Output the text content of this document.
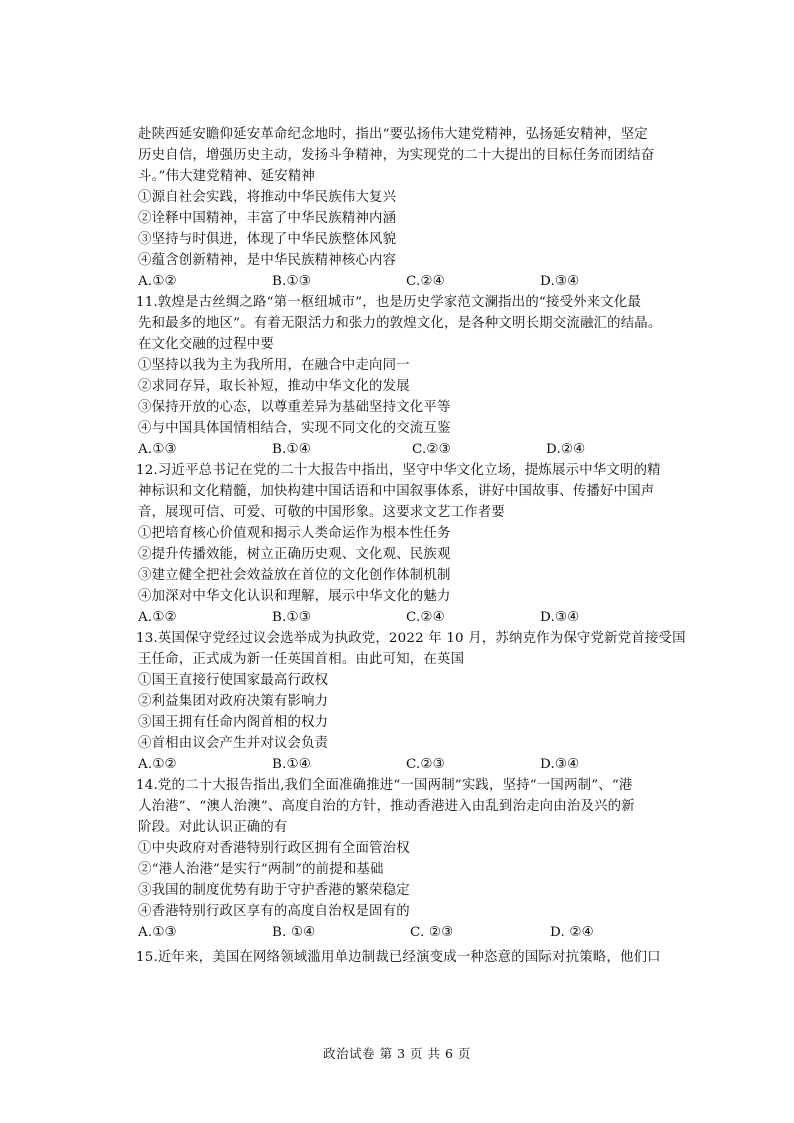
赴陕西延安瞻仰延安革命纪念地时，指出“要弘扬伟大建党精神，弘扬延安精神，坚定
历史自信，增强历史主动，发扬斗争精神，为实现党的二十大提出的目标任务而团结奋
斗。”伟大建党精神、延安精神
①源自社会实践，将推动中华民族伟大复兴
②诠释中国精神，丰富了中华民族精神内涵
③坚持与时俱进，体现了中华民族整体风貌
④蕴含创新精神，是中华民族精神核心内容
A.①②	B.①③	C.②④	D.③④
11.敦煌是古丝绸之路“第一枢纽城市”，也是历史学家范文澜指出的“接受外来文化最
先和最多的地区”。有着无限活力和张力的敦煌文化，是各种文明长期交流融汇的结晶。
在文化交融的过程中要
①坚持以我为主为我所用，在融合中走向同一
②求同存异，取长补短，推动中华文化的发展
③保持开放的心态，以尊重差异为基础坚持文化平等
④与中国具体国情相结合，实现不同文化的交流互鉴
A.①③	B.①④	C.②③	D.②④
12.习近平总书记在党的二十大报告中指出，坚守中华文化立场，提炼展示中华文明的精
神标识和文化精髓，加快构建中国话语和中国叙事体系，讲好中国故事、传播好中国声
音，展现可信、可爱、可敬的中国形象。这要求文艺工作者要
①把培育核心价值观和揭示人类命运作为根本性任务
②提升传播效能，树立正确历史观、文化观、民族观
③建立健全把社会效益放在首位的文化创作体制机制
④加深对中华文化认识和理解，展示中华文化的魅力
A.①②	B.①③	C.②④	D.③④
13.英国保守党经过议会选举成为执政党，2022 年 10 月，苏纳克作为保守党新党首接受国
王任命，正式成为新一任英国首相。由此可知，在英国
①国王直接行使国家最高行政权
②利益集团对政府决策有影响力
③国王拥有任命内阁首相的权力
④首相由议会产生并对议会负责
A.①②	B.①④	C.②③	D.③④
14.党的二十大报告指出,我们全面准确推进“一国两制”实践，坚持“一国两制”、“港
人治港”、“澳人治澳”、高度自治的方针，推动香港进入由乱到治走向由治及兴的新
阶段。对此认识正确的有
①中央政府对香港特别行政区拥有全面管治权
②“港人治港”是实行“两制”的前提和基础
③我国的制度优势有助于守护香港的繁荣稳定
④香港特别行政区享有的高度自治权是固有的
A.①③	B. ①④	C. ②③	D. ②④
15.近年来，美国在网络领域滥用单边制裁已经演变成一种恣意的国际对抗策略，他们口
政治试卷 第 3 页 共 6 页
